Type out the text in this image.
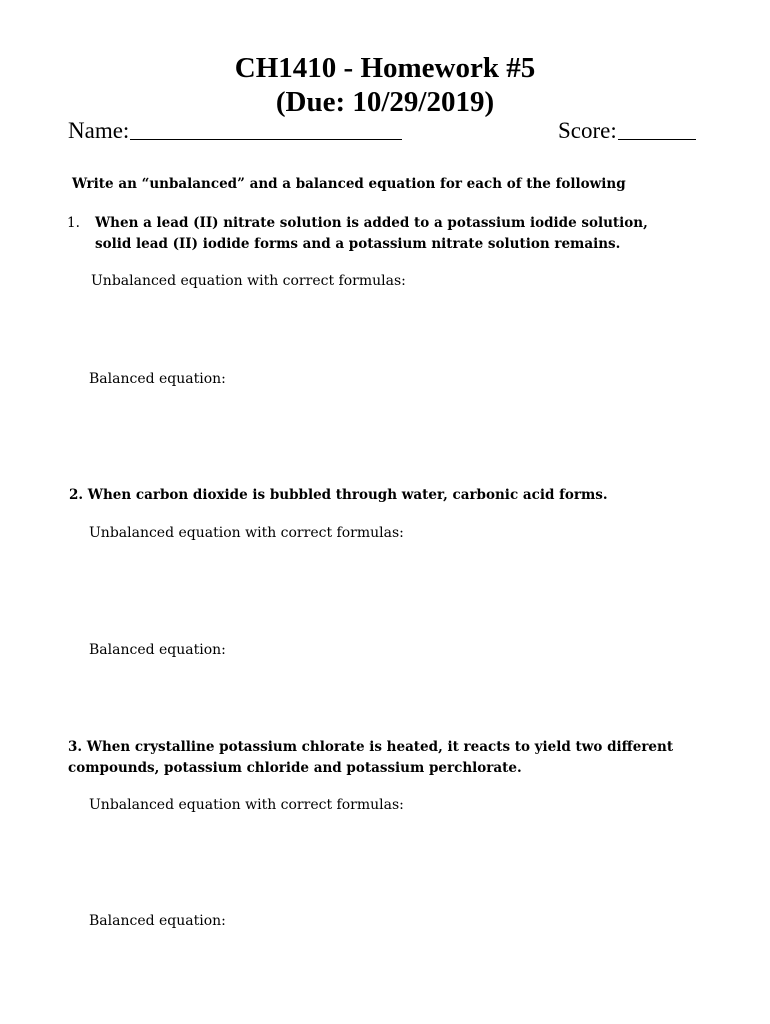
CH1410 - Homework #5
(Due: 10/29/2019)
Name:	Score:
Write an “unbalanced” and a balanced equation for each of the following
1. When a lead (II) nitrate solution is added to a potassium iodide solution,
solid lead (II) iodide forms and a potassium nitrate solution remains.
Unbalanced equation with correct formulas:
Balanced equation:
2. When carbon dioxide is bubbled through water, carbonic acid forms.
Unbalanced equation with correct formulas:
Balanced equation:
3. When crystalline potassium chlorate is heated, it reacts to yield two different
compounds, potassium chloride and potassium perchlorate.
Unbalanced equation with correct formulas:
Balanced equation:
